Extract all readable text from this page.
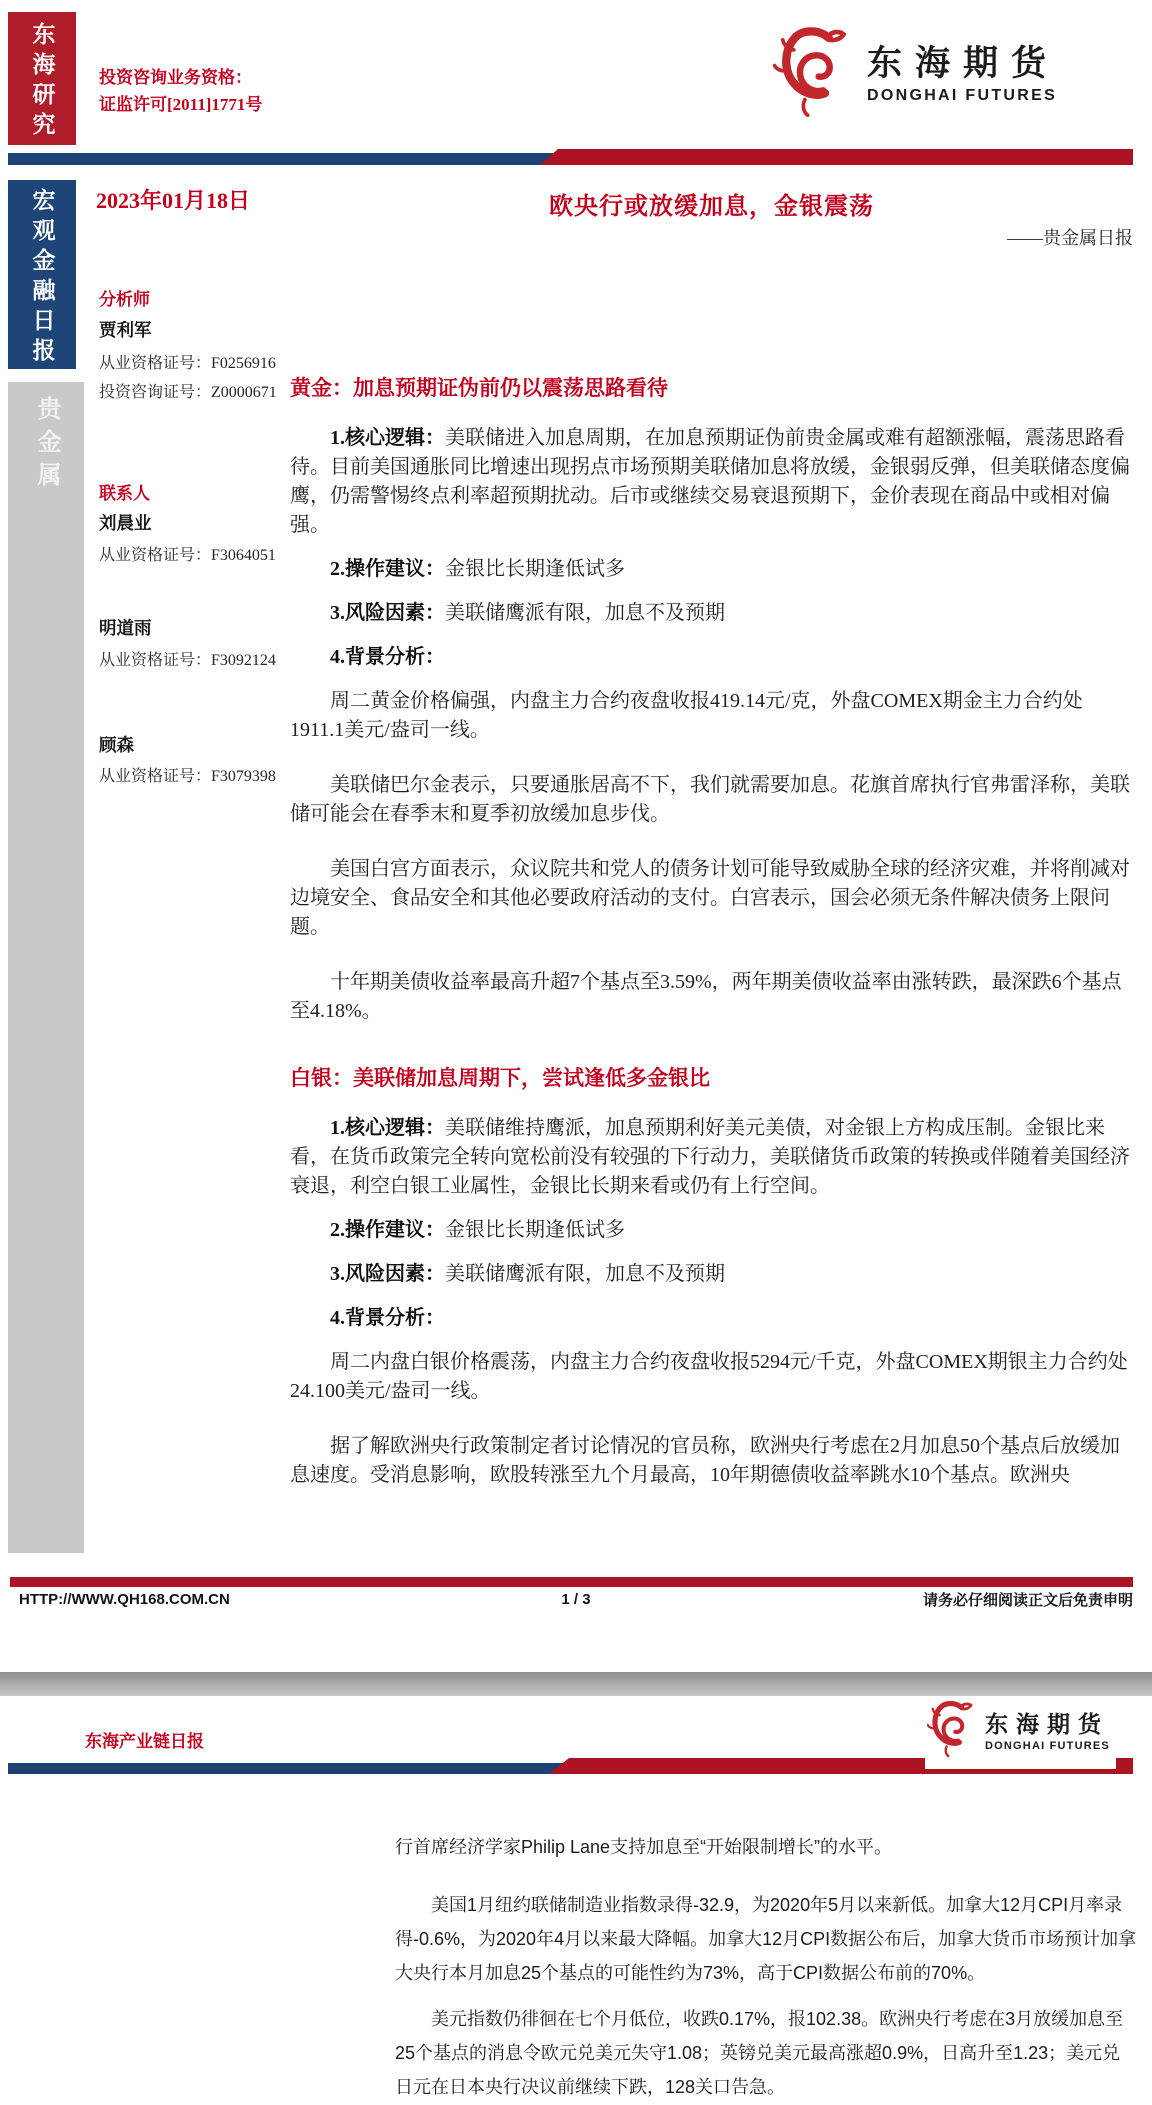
东海研究	投资咨询业务资格：
证监许可[2011]1771号
东海期货
DONGHAI FUTURES
宏观金融日报
贵金属
2023年01月18日	欧央行或放缓加息，金银震荡
——贵金属日报
分析师
贾利军
从业资格证号：F0256916
投资咨询证号：Z0000671
联系人
刘晨业
从业资格证号：F3064051
明道雨
从业资格证号：F3092124
顾森
从业资格证号：F3079398
黄金：加息预期证伪前仍以震荡思路看待

1.核心逻辑：美联储进入加息周期，在加息预期证伪前贵金属或难有超额涨幅，震荡思路看待。目前美国通胀同比增速出现拐点市场预期美联储加息将放缓，金银弱反弹，但美联储态度偏鹰，仍需警惕终点利率超预期扰动。后市或继续交易衰退预期下，金价表现在商品中或相对偏强。

2.操作建议：金银比长期逢低试多

3.风险因素：美联储鹰派有限，加息不及预期

4.背景分析：

周二黄金价格偏强，内盘主力合约夜盘收报419.14元/克，外盘COMEX期金主力合约处1911.1美元/盎司一线。

美联储巴尔金表示，只要通胀居高不下，我们就需要加息。花旗首席执行官弗雷泽称，美联储可能会在春季末和夏季初放缓加息步伐。

美国白宫方面表示，众议院共和党人的债务计划可能导致威胁全球的经济灾难，并将削减对边境安全、食品安全和其他必要政府活动的支付。白宫表示，国会必须无条件解决债务上限问题。

十年期美债收益率最高升超7个基点至3.59%，两年期美债收益率由涨转跌，最深跌6个基点至4.18%。

白银：美联储加息周期下，尝试逢低多金银比

1.核心逻辑：美联储维持鹰派，加息预期利好美元美债，对金银上方构成压制。金银比来看，在货币政策完全转向宽松前没有较强的下行动力，美联储货币政策的转换或伴随着美国经济衰退，利空白银工业属性，金银比长期来看或仍有上行空间。

2.操作建议：金银比长期逢低试多

3.风险因素：美联储鹰派有限，加息不及预期

4.背景分析：

周二内盘白银价格震荡，内盘主力合约夜盘收报5294元/千克，外盘COMEX期银主力合约处24.100美元/盎司一线。

据了解欧洲央行政策制定者讨论情况的官员称，欧洲央行考虑在2月加息50个基点后放缓加息速度。受消息影响，欧股转涨至九个月最高，10年期德债收益率跳水10个基点。欧洲央

HTTP://WWW.QH168.COM.CN	1 / 3	请务必仔细阅读正文后免责申明
东海产业链日报
东海期货
DONGHAI FUTURES

行首席经济学家Philip Lane支持加息至“开始限制增长”的水平。

美国1月纽约联储制造业指数录得-32.9，为2020年5月以来新低。加拿大12月CPI月率录得-0.6%，为2020年4月以来最大降幅。加拿大12月CPI数据公布后，加拿大货币市场预计加拿大央行本月加息25个基点的可能性约为73%，高于CPI数据公布前的70%。

美元指数仍徘徊在七个月低位，收跌0.17%，报102.38。欧洲央行考虑在3月放缓加息至25个基点的消息令欧元兑美元失守1.08；英镑兑美元最高涨超0.9%，日高升至1.23；美元兑日元在日本央行决议前继续下跌，128关口告急。
